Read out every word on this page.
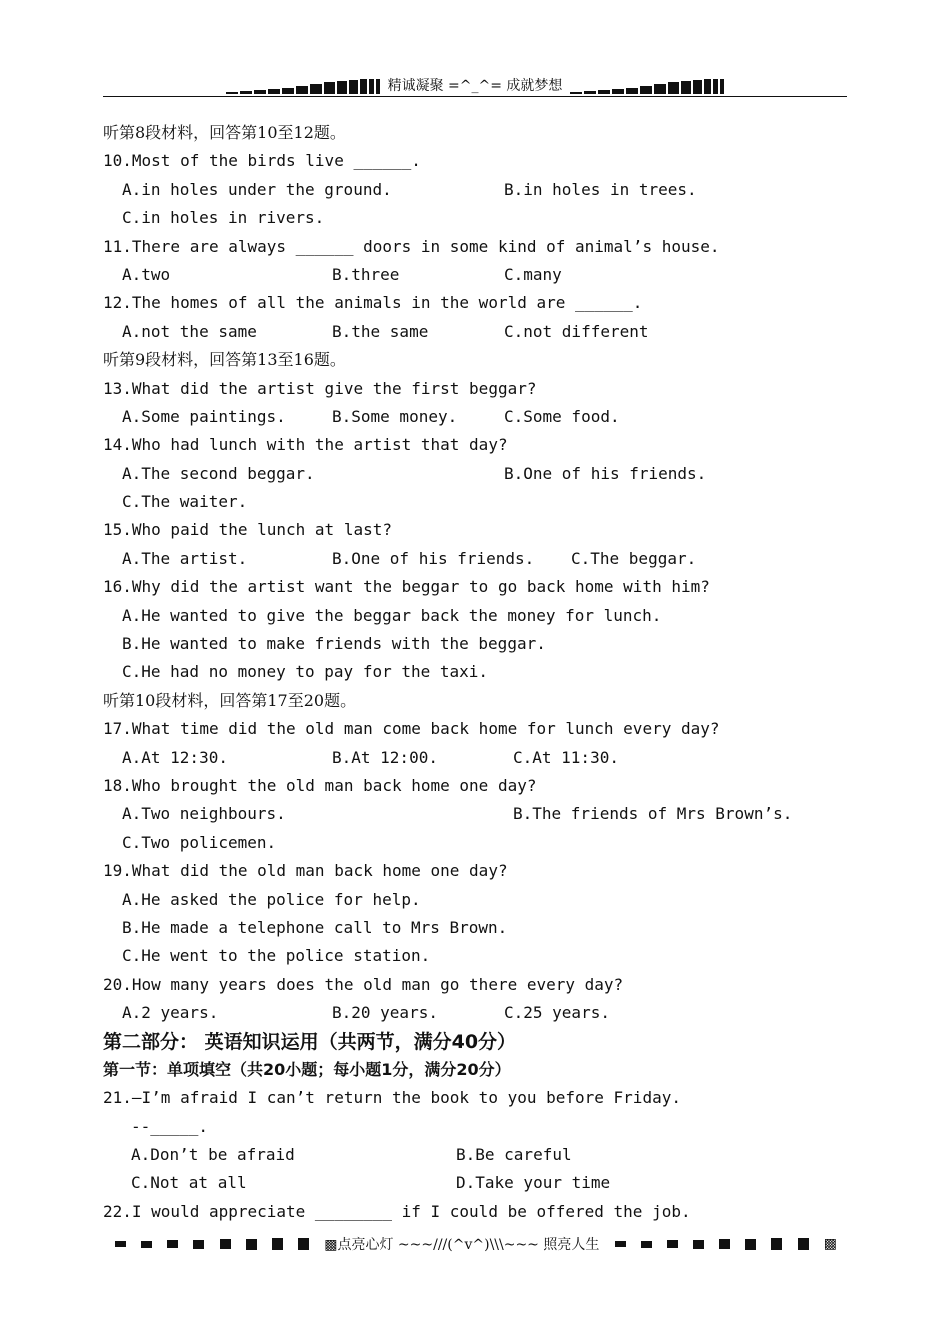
精诚凝聚 =^_^= 成就梦想
听第8段材料，回答第10至12题。
10.Most of the birds live ______.

A.in holes under the ground.

	B.in holes in trees.

C.in holes in rivers.
11.There are always ______ doors in some kind of animal’s house.

A.two

	B.three

	C.many

12.The homes of all the animals in the world are ______.

A.not the same

	B.the same

	C.not different

听第9段材料，回答第13至16题。
13.What did the artist give the first beggar?

A.Some paintings.

	B.Some money.

	C.Some food.

14.Who had lunch with the artist that day?

A.The second beggar.

	B.One of his friends.

C.The waiter.
15.Who paid the lunch at last?

A.The artist.

	B.One of his friends.

C.The beggar.

16.Why did the artist want the beggar to go back home with him?
A.He wanted to give the beggar back the money for lunch.
B.He wanted to make friends with the beggar.
C.He had no money to pay for the taxi.
听第10段材料，回答第17至20题。
17.What time did the old man come back home for lunch every day?

A.At 12:30.

	B.At 12:00.

	C.At 11:30.

18.Who brought the old man back home one day?

A.Two neighbours.

	B.The friends of Mrs Brown’s.

C.Two policemen.
19.What did the old man back home one day?
A.He asked the police for help.
B.He made a telephone call to Mrs Brown.
C.He went to the police station.
20.How many years does the old man go there every day?

A.2 years.

	B.20 years.

	C.25 years.

第二部分： 英语知识运用（共两节，满分40分）
第一节：单项填空（共20小题；每小题1分，满分20分）
21.—I’m afraid I can’t return the book to you before Friday.
--_____.

A.Don’t be afraid

	B.Be careful

C.Not at all

	D.Take your time

22.I would appreciate ________ if I could be offered the job.
▩点亮心灯 ~~~///(^v^)\\\~~~ 照亮人生	▩
